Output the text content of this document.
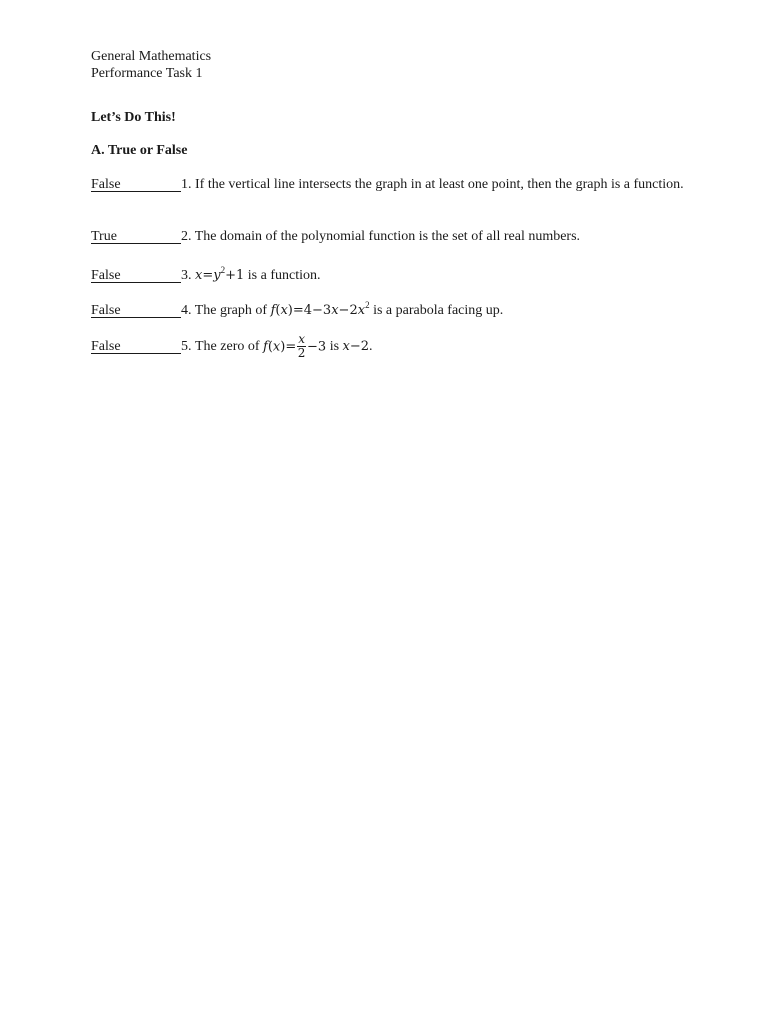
General Mathematics
Performance Task 1
Let’s Do This!
A. True or False
False	1. If the vertical line intersects the graph in at least one point, then the graph is a function.
True	2. The domain of the polynomial function is the set of all real numbers.
False	3. $x=y^2+1$ is a function.
False	4. The graph of $f(x)=4-3x-2x^2$ is a parabola facing up.
False	5. The zero of $f(x)= \frac{x}{2} -3$ is x−2.
